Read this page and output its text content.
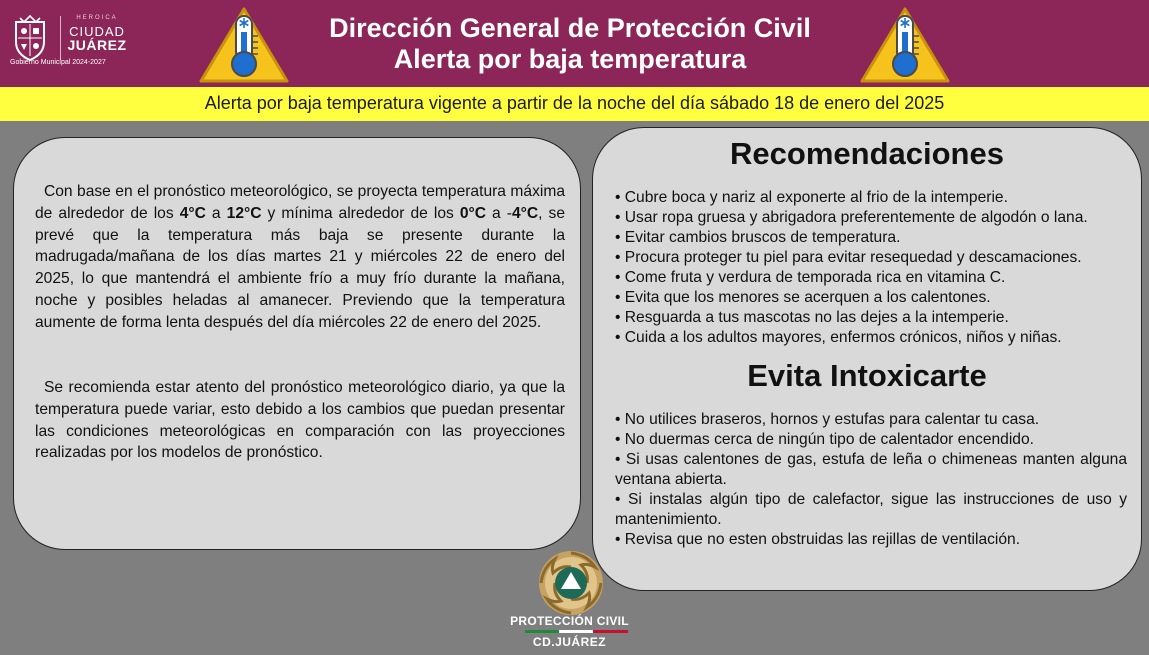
HEROICA
CIUDAD
JUÁREZ
Gobierno Municipal 2024-2027
Dirección General de Protección Civil
Alerta por baja temperatura
Alerta por baja temperatura vigente a partir de la noche del día sábado 18 de enero del 2025

Con base en el pronóstico meteorológico, se proyecta temperatura máxima de alrededor de los 4°C a 12°C y mínima alrededor de los 0°C a -4°C, se prevé que la temperatura más baja se presente durante la madrugada/mañana de los días martes 21 y miércoles 22 de enero del 2025, lo que mantendrá el ambiente frío a muy frío durante la mañana, noche y posibles heladas al amanecer. Previendo que la temperatura aumente de forma lenta después del día miércoles 22 de enero del 2025.

Se recomienda estar atento del pronóstico meteorológico diario, ya que la temperatura puede variar, esto debido a los cambios que puedan presentar las condiciones meteorológicas en comparación con las proyecciones realizadas por los modelos de pronóstico.

Recomendaciones
• Cubre boca y nariz al exponerte al frio de la intemperie.
• Usar ropa gruesa y abrigadora preferentemente de algodón o lana.
• Evitar cambios bruscos de temperatura.
• Procura proteger tu piel para evitar resequedad y descamaciones.
• Come fruta y verdura de temporada rica en vitamina C.
• Evita que los menores se acerquen a los calentones.
• Resguarda a tus mascotas no las dejes a la intemperie.
• Cuida a los adultos mayores, enfermos crónicos, niños y niñas.
Evita Intoxicarte
• No utilices braseros, hornos y estufas para calentar tu casa.
• No duermas cerca de ningún tipo de calentador encendido.
• Si usas calentones de gas, estufa de leña o chimeneas manten alguna ventana abierta.
• Si instalas algún tipo de calefactor, sigue las instrucciones de uso y mantenimiento.
• Revisa que no esten obstruidas las rejillas de ventilación.
PROTECCIÓN CIVIL
CD.JUÁREZ
